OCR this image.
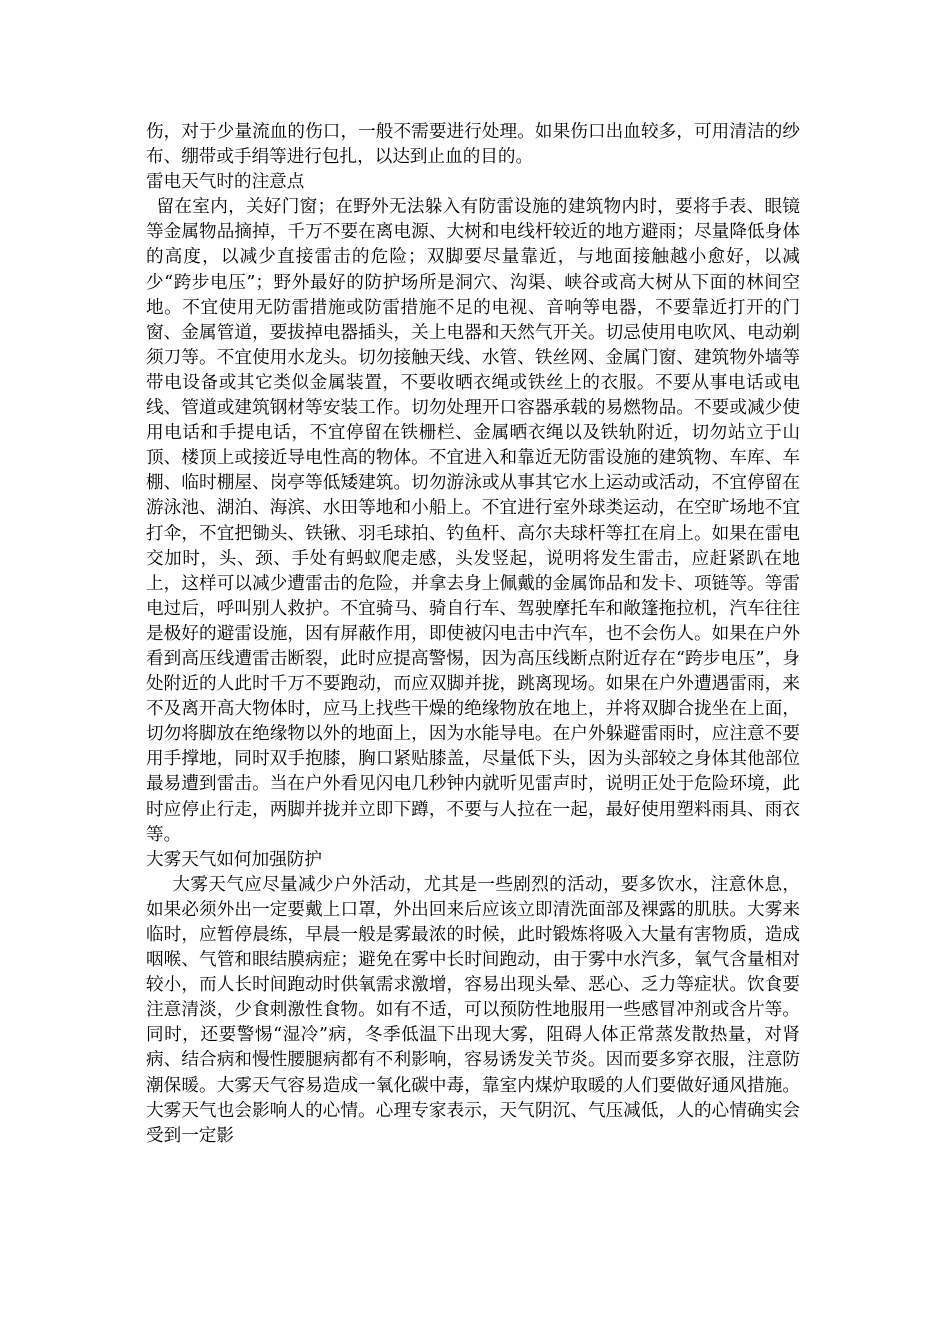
伤，对于少量流血的伤口，一般不需要进行处理。如果伤口出血较多，可用清洁的纱布、绷带或手绢等进行包扎，以达到止血的目的。

雷电天气时的注意点

留在室内，关好门窗；在野外无法躲入有防雷设施的建筑物内时，要将手表、眼镜等金属物品摘掉，千万不要在离电源、大树和电线杆较近的地方避雨；尽量降低身体的高度，以减少直接雷击的危险；双脚要尽量靠近，与地面接触越小愈好，以减少“跨步电压”；野外最好的防护场所是洞穴、沟渠、峡谷或高大树从下面的林间空地。不宜使用无防雷措施或防雷措施不足的电视、音响等电器，不要靠近打开的门窗、金属管道，要拔掉电器插头，关上电器和天然气开关。切忌使用电吹风、电动剃须刀等。不宜使用水龙头。切勿接触天线、水管、铁丝网、金属门窗、建筑物外墙等带电设备或其它类似金属装置，不要收晒衣绳或铁丝上的衣服。不要从事电话或电线、管道或建筑钢材等安装工作。切勿处理开口容器承载的易燃物品。不要或减少使用电话和手提电话，不宜停留在铁栅栏、金属晒衣绳以及铁轨附近，切勿站立于山顶、楼顶上或接近导电性高的物体。不宜进入和靠近无防雷设施的建筑物、车库、车棚、临时棚屋、岗亭等低矮建筑。切勿游泳或从事其它水上运动或活动，不宜停留在游泳池、湖泊、海滨、水田等地和小船上。不宜进行室外球类运动，在空旷场地不宜打伞，不宜把锄头、铁锹、羽毛球拍、钓鱼杆、高尔夫球杆等扛在肩上。如果在雷电交加时，头、颈、手处有蚂蚁爬走感，头发竖起，说明将发生雷击，应赶紧趴在地上，这样可以减少遭雷击的危险，并拿去身上佩戴的金属饰品和发卡、项链等。等雷电过后，呼叫别人救护。不宜骑马、骑自行车、驾驶摩托车和敞篷拖拉机，汽车往往是极好的避雷设施，因有屏蔽作用，即使被闪电击中汽车，也不会伤人。如果在户外看到高压线遭雷击断裂，此时应提高警惕，因为高压线断点附近存在“跨步电压”，身处附近的人此时千万不要跑动，而应双脚并拢，跳离现场。如果在户外遭遇雷雨，来不及离开高大物体时，应马上找些干燥的绝缘物放在地上，并将双脚合拢坐在上面，切勿将脚放在绝缘物以外的地面上，因为水能导电。在户外躲避雷雨时，应注意不要用手撑地，同时双手抱膝，胸口紧贴膝盖，尽量低下头，因为头部较之身体其他部位最易遭到雷击。当在户外看见闪电几秒钟内就听见雷声时，说明正处于危险环境，此时应停止行走，两脚并拢并立即下蹲，不要与人拉在一起，最好使用塑料雨具、雨衣等。

大雾天气如何加强防护

大雾天气应尽量减少户外活动，尤其是一些剧烈的活动，要多饮水，注意休息，如果必须外出一定要戴上口罩，外出回来后应该立即清洗面部及裸露的肌肤。大雾来临时，应暂停晨练，早晨一般是雾最浓的时候，此时锻炼将吸入大量有害物质，造成咽喉、气管和眼结膜病症；避免在雾中长时间跑动，由于雾中水汽多，氧气含量相对较小，而人长时间跑动时供氧需求激增，容易出现头晕、恶心、乏力等症状。饮食要注意清淡，少食刺激性食物。如有不适，可以预防性地服用一些感冒冲剂或含片等。同时，还要警惕“湿冷”病，冬季低温下出现大雾，阻碍人体正常蒸发散热量，对肾病、结合病和慢性腰腿病都有不利影响，容易诱发关节炎。因而要多穿衣服，注意防潮保暖。大雾天气容易造成一氧化碳中毒，靠室内煤炉取暖的人们要做好通风措施。大雾天气也会影响人的心情。心理专家表示，天气阴沉、气压减低，人的心情确实会受到一定影
